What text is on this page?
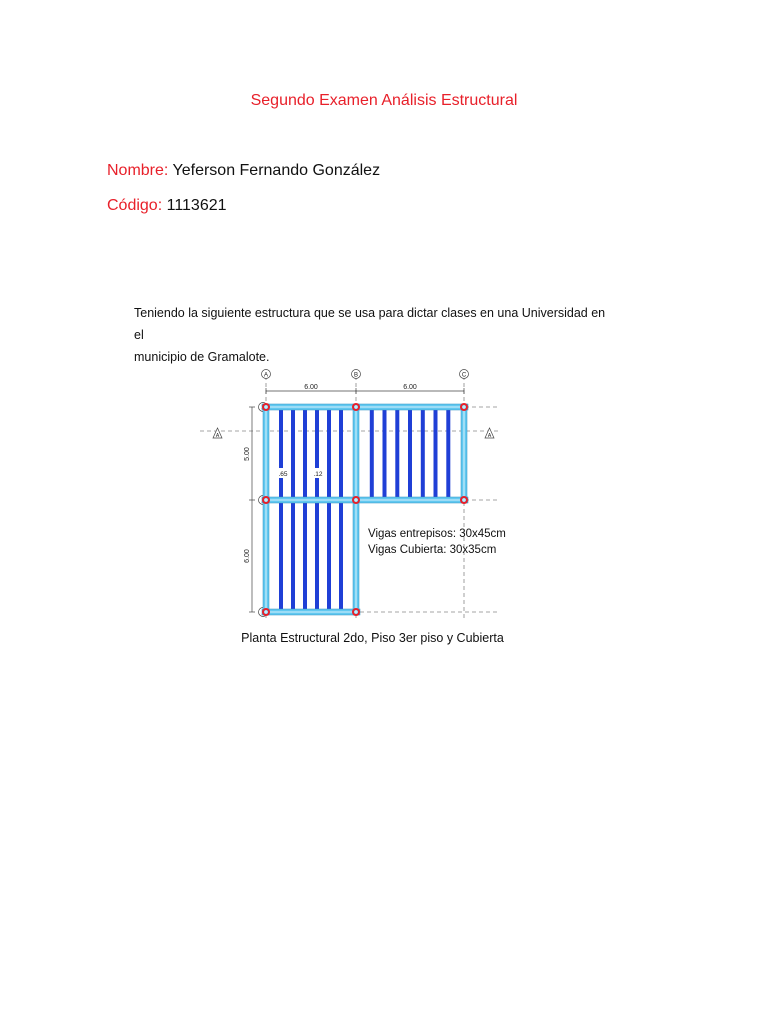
Segundo Examen Análisis Estructural
Nombre: Yeferson Fernando González
Código: 1113621
Teniendo la siguiente estructura que se usa para dictar clases en una Universidad en el
municipio de Gramalote.
6.00	6.00
5.00
6.00
A	B	C
A	A
.65	.12
Vigas entrepisos: 30x45cm
Vigas Cubierta: 30x35cm
Planta Estructural 2do, Piso 3er piso y Cubierta
